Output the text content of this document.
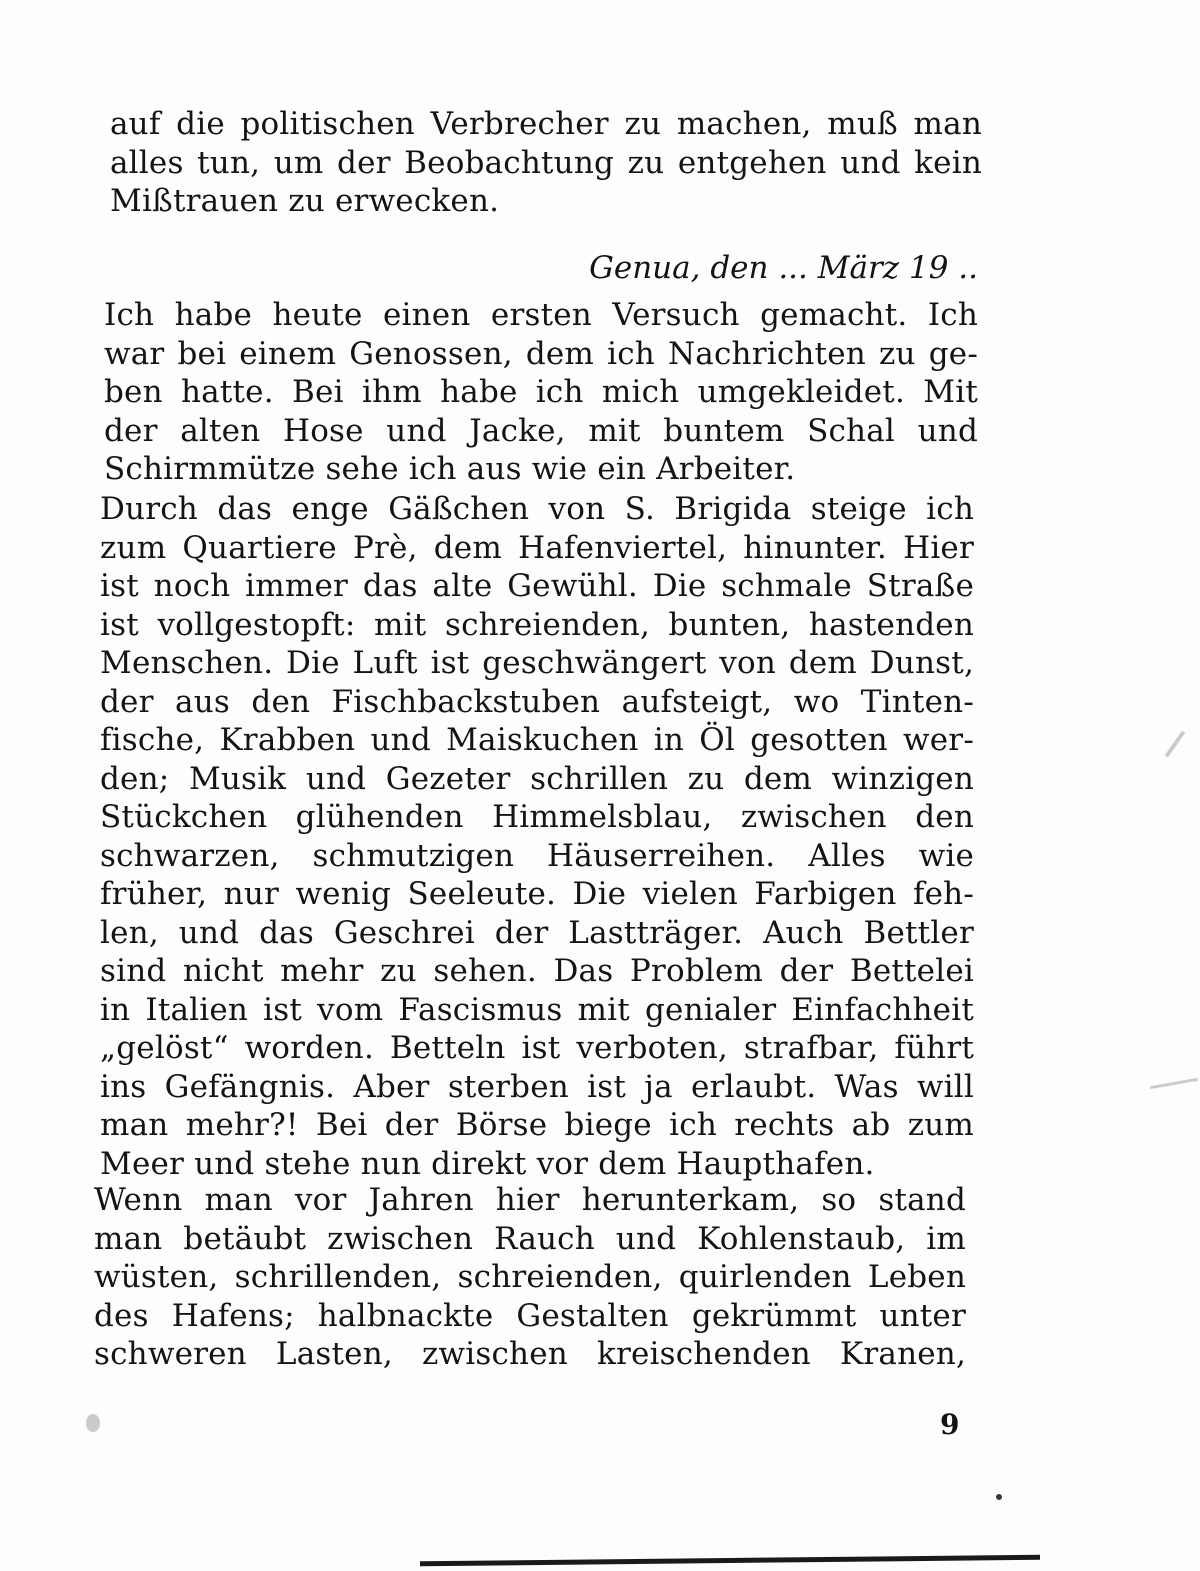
auf die politischen Verbrecher zu machen, muß man
alles tun, um der Beobachtung zu entgehen und kein
Mißtrauen zu erwecken.
Genua, den ... März 19 ..
Ich habe heute einen ersten Versuch gemacht. Ich
war bei einem Genossen, dem ich Nachrichten zu ge-
ben hatte. Bei ihm habe ich mich umgekleidet. Mit
der alten Hose und Jacke, mit buntem Schal und
Schirmmütze sehe ich aus wie ein Arbeiter.
Durch das enge Gäßchen von S. Brigida steige ich
zum Quartiere Prè, dem Hafenviertel, hinunter. Hier
ist noch immer das alte Gewühl. Die schmale Straße
ist vollgestopft: mit schreienden, bunten, hastenden
Menschen. Die Luft ist geschwängert von dem Dunst,
der aus den Fischbackstuben aufsteigt, wo Tinten-
fische, Krabben und Maiskuchen in Öl gesotten wer-
den; Musik und Gezeter schrillen zu dem winzigen
Stückchen glühenden Himmelsblau, zwischen den
schwarzen, schmutzigen Häuserreihen. Alles wie
früher, nur wenig Seeleute. Die vielen Farbigen feh-
len, und das Geschrei der Lastträger. Auch Bettler
sind nicht mehr zu sehen. Das Problem der Bettelei
in Italien ist vom Fascismus mit genialer Einfachheit
„gelöst“ worden. Betteln ist verboten, strafbar, führt
ins Gefängnis. Aber sterben ist ja erlaubt. Was will
man mehr?! Bei der Börse biege ich rechts ab zum
Meer und stehe nun direkt vor dem Haupthafen.
Wenn man vor Jahren hier herunterkam, so stand
man betäubt zwischen Rauch und Kohlenstaub, im
wüsten, schrillenden, schreienden, quirlenden Leben
des Hafens; halbnackte Gestalten gekrümmt unter
schweren Lasten, zwischen kreischenden Kranen,
9
